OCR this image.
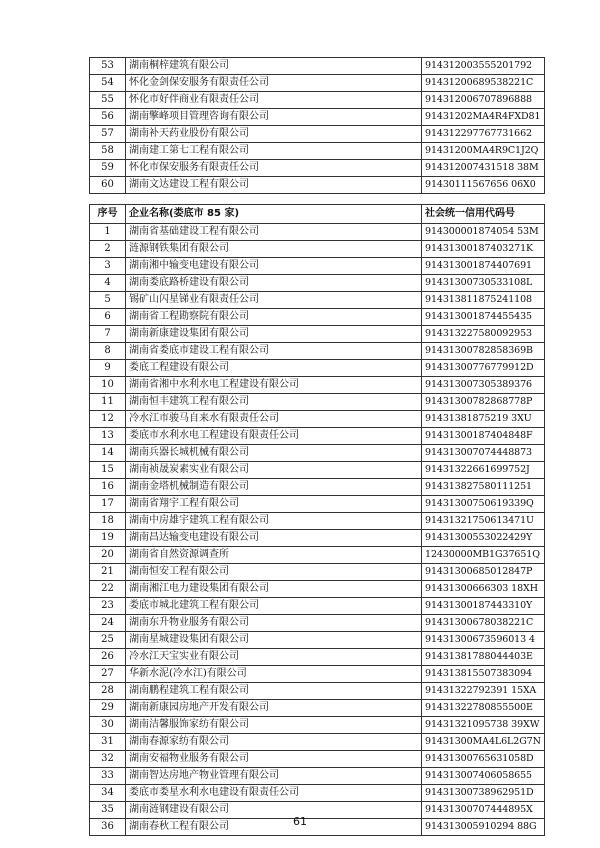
53	湖南桐梓建筑有限公司	914312003555201792
54	怀化金剑保安服务有限责任公司	91431200689538221C
55	怀化市好伴商业有限责任公司	914312006707896888
56	湖南擎峰项目管理咨询有限公司	91431202MA4R4FXD81
57	湖南补天药业股份有限公司	914312297767731662
58	湖南建工第七工程有限公司	91431200MA4R9C1J2Q
59	怀化市保安服务有限责任公司	914312007431518 38M
60	湖南文达建设工程有限公司	91430111567656 06X0
序号	企业名称(娄底市 85 家)	社会统一信用代码号
1	湖南省基础建设工程有限公司	914300001874054 53M
2	涟源钢铁集团有限公司	91431300187403271K
3	湖南湘中输变电建设有限公司	914313001874407691
4	湖南娄底路桥建设有限公司	91431300730533108L
5	锡矿山闪星锑业有限责任公司	914313811875241108
6	湖南省工程勘察院有限公司	914313001874455435
7	湖南新康建设集团有限公司	914313227580092953
8	湖南省娄底市建设工程有限公司	91431300782858369B
9	娄底工程建设有限公司	91431300776779912D
10	湖南省湘中水利水电工程建设有限公司	914313007305389376
11	湖南恒丰建筑工程有限公司	91431300782868778P
12	冷水江市骏马自来水有限责任公司	91431381875219 3XU
13	娄底市水利水电工程建设有限责任公司	91431300187404848F
14	湖南兵器长城机械有限公司	914313007074448873
15	湖南祯晟炭素实业有限公司	91431322661699752J
16	湖南金塔机械制造有限公司	914313827580111251
17	湖南省翔宇工程有限公司	91431300750619339Q
18	湖南中房雄宇建筑工程有限公司	91431321750613471U
19	湖南昌达输变电建设有限公司	91431300553022429Y
20	湖南省自然资源调查所	12430000MB1G37651Q
21	湖南恒安工程有限公司	91431300685012847P
22	湖南湘江电力建设集团有限公司	91431300666303 18XH
23	娄底市城北建筑工程有限公司	91431300187443310Y
24	湖南东升物业服务有限公司	91431300678038221C
25	湖南星城建设集团有限公司	91431300673596013 4
26	冷水江天宝实业有限公司	91431381788044403E
27	华新水泥(冷水江)有限公司	914313815507383094
28	湖南鹏程建筑工程有限公司	91431322792391 15XA
29	湖南新康园房地产开发有限公司	91431322780855500E
30	湖南洁馨服饰家纺有限公司	91431321095738 39XW
31	湖南春源家纺有限公司	91431300MA4L6L2G7N
32	湖南安福物业服务有限公司	91431300765631058D
33	湖南智达房地产物业管理有限公司	914313007406058655
34	娄底市娄星水利水电建设有限责任公司	91431300738962951D
35	湖南涟钢建设有限公司	91431300707444895X
36	湖南春秋工程有限公司	914313005910294 88G
61
